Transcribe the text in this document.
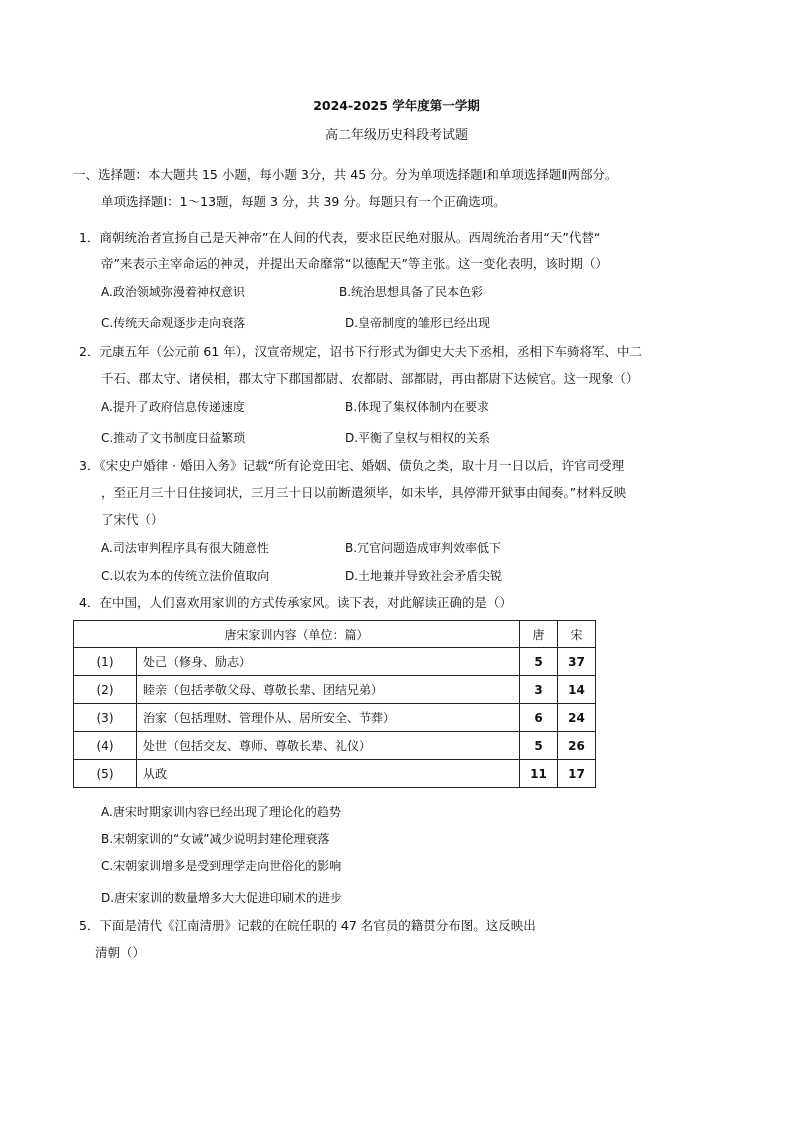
2024-2025 学年度第一学期
高二年级历史科段考试题
一、选择题：本大题共 15 小题，每小题 3分，共 45 分。分为单项选择题Ⅰ和单项选择题Ⅱ两部分。
单项选择题Ⅰ：1～13题，每题 3 分，共 39 分。每题只有一个正确选项。
1．商朝统治者宣扬自己是天神帝”在人间的代表，要求臣民绝对服从。西周统治者用“天”代替“
帝”来表示主宰命运的神灵，并提出天命靡常“以德配天”等主张。这一变化表明，该时期（）
A.政治领域弥漫着神权意识	B.统治思想具备了民本色彩
C.传统天命观逐步走向衰落	D.皇帝制度的雏形已经出现
2．元康五年（公元前 61 年），汉宣帝规定，诏书下行形式为御史大夫下丞相，丞相下车骑将军、中二
千石、郡太守、诸侯相，郡太守下郡国都尉、农都尉、部都尉，再由都尉下达候官。这一现象（）
A.提升了政府信息传递速度	B.体现了集权体制内在要求
C.推动了文书制度日益繁琐	D.平衡了皇权与相权的关系
3．《宋史户婚律 · 婚田入务》记载“所有论竞田宅、婚姻、债负之类，取十月一日以后，许官司受理
，至正月三十日住接词状，三月三十日以前断遣须毕，如未毕，具停滞开狱事由闻奏。”材料反映
了宋代（）
A.司法审判程序具有很大随意性	B.冗官问题造成审判效率低下
C.以农为本的传统立法价值取向	D.土地兼并导致社会矛盾尖锐
4．在中国，人们喜欢用家训的方式传承家风。读下表，对此解读正确的是（）
唐宋家训内容（单位：篇）		唐	宋
(1)	处己（修身、励志）	5	37
(2)	睦亲（包括孝敬父母、尊敬长辈、团结兄弟）	3	14
(3)	治家（包括理财、管理仆从、居所安全、节葬）	6	24
(4)	处世（包括交友、尊师、尊敬长辈、礼仪）	5	26
(5)	从政	11	17
A.唐宋时期家训内容已经出现了理论化的趋势
B.宋朝家训的“女诫”减少说明封建伦理衰落
C.宋朝家训增多是受到理学走向世俗化的影响
D.唐宋家训的数量增多大大促进印刷术的进步
5．下面是清代《江南清册》记载的在皖任职的 47 名官员的籍贯分布图。这反映出
清朝（）
